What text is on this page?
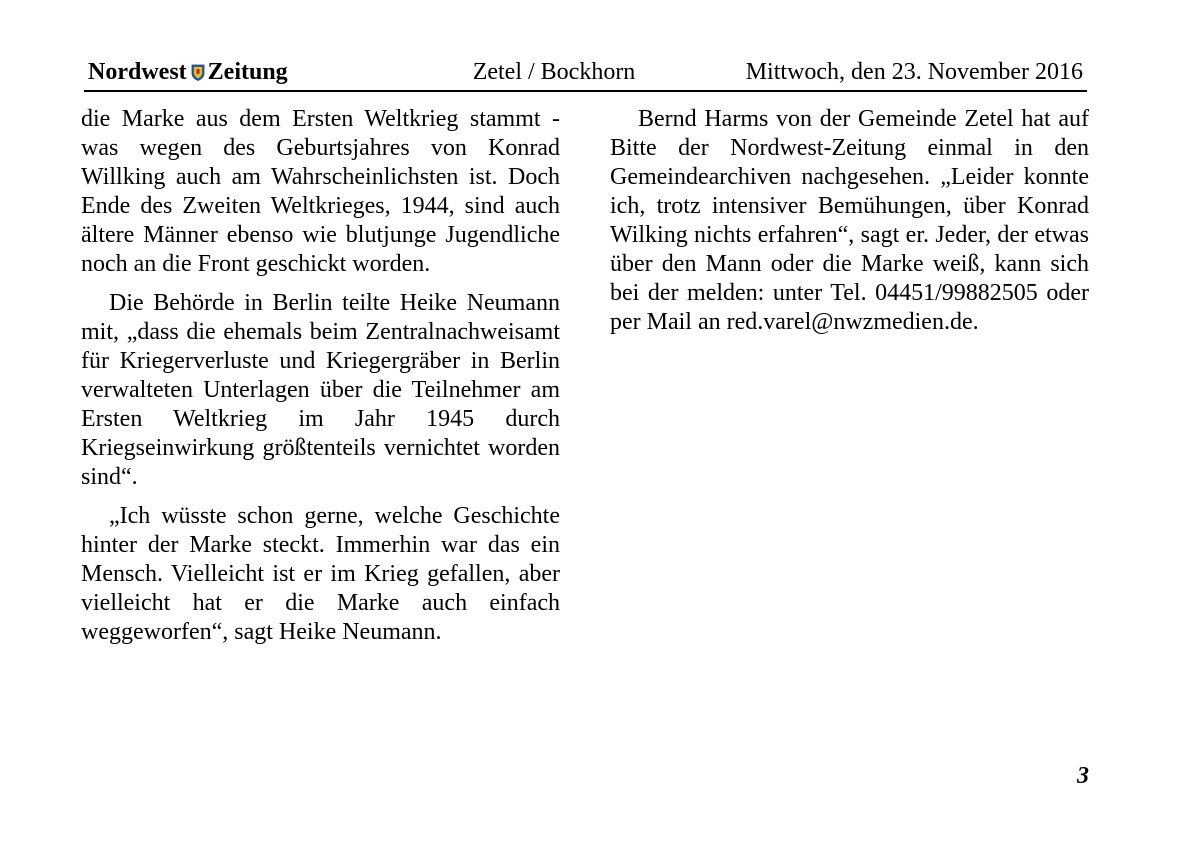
Nordwest Zeitung	Zetel / Bockhorn	Mittwoch, den 23. November 2016

die Marke aus dem Ersten Weltkrieg stammt - was wegen des Geburtsjahres von Konrad Willking auch am Wahrscheinlichsten ist. Doch Ende des Zweiten Weltkrieges, 1944, sind auch ältere Männer ebenso wie blutjunge Jugendliche noch an die Front geschickt worden.

Die Behörde in Berlin teilte Heike Neumann mit, „dass die ehemals beim Zentralnachweisamt für Kriegerverluste und Kriegergräber in Berlin verwalteten Unterlagen über die Teilnehmer am Ersten Weltkrieg im Jahr 1945 durch Kriegseinwirkung größtenteils vernichtet worden sind“.

„Ich wüsste schon gerne, welche Geschichte hinter der Marke steckt. Immerhin war das ein Mensch. Vielleicht ist er im Krieg gefallen, aber vielleicht hat er die Marke auch einfach weggeworfen“, sagt Heike Neumann.

Bernd Harms von der Gemeinde Zetel hat auf Bitte der Nordwest-Zeitung einmal in den Gemeindearchiven nachgesehen. „Leider konnte ich, trotz intensiver Bemühungen, über Konrad Wilking nichts erfahren“, sagt er. Jeder, der etwas über den Mann oder die Marke weiß, kann sich bei der melden: unter Tel. 04451/99882505 oder per Mail an red.varel@nwzmedien.de.

3
